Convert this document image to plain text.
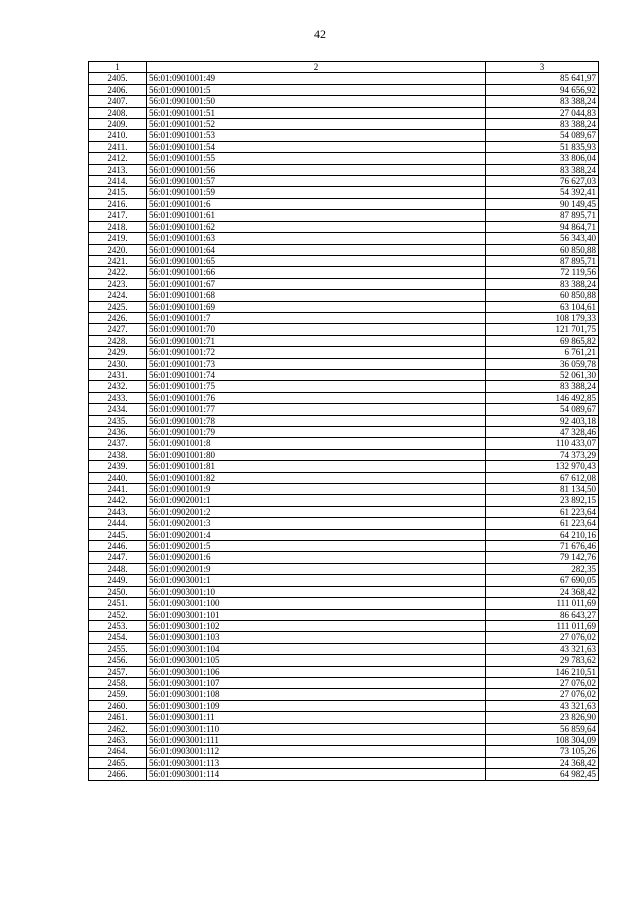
42
1	2	3
2405.	56:01:0901001:49	85 641,97
2406.	56:01:0901001:5	94 656,92
2407.	56:01:0901001:50	83 388,24
2408.	56:01:0901001:51	27 044,83
2409.	56:01:0901001:52	83 388,24
2410.	56:01:0901001:53	54 089,67
2411.	56:01:0901001:54	51 835,93
2412.	56:01:0901001:55	33 806,04
2413.	56:01:0901001:56	83 388,24
2414.	56:01:0901001:57	76 627,03
2415.	56:01:0901001:59	54 392,41
2416.	56:01:0901001:6	90 149,45
2417.	56:01:0901001:61	87 895,71
2418.	56:01:0901001:62	94 864,71
2419.	56:01:0901001:63	56 343,40
2420.	56:01:0901001:64	60 850,88
2421.	56:01:0901001:65	87 895,71
2422.	56:01:0901001:66	72 119,56
2423.	56:01:0901001:67	83 388,24
2424.	56:01:0901001:68	60 850,88
2425.	56:01:0901001:69	63 104,61
2426.	56:01:0901001:7	108 179,33
2427.	56:01:0901001:70	121 701,75
2428.	56:01:0901001:71	69 865,82
2429.	56:01:0901001:72	6 761,21
2430.	56:01:0901001:73	36 059,78
2431.	56:01:0901001:74	52 061,30
2432.	56:01:0901001:75	83 388,24
2433.	56:01:0901001:76	146 492,85
2434.	56:01:0901001:77	54 089,67
2435.	56:01:0901001:78	92 403,18
2436.	56:01:0901001:79	47 328,46
2437.	56:01:0901001:8	110 433,07
2438.	56:01:0901001:80	74 373,29
2439.	56:01:0901001:81	132 970,43
2440.	56:01:0901001:82	67 612,08
2441.	56:01:0901001:9	81 134,50
2442.	56:01:0902001:1	23 892,15
2443.	56:01:0902001:2	61 223,64
2444.	56:01:0902001:3	61 223,64
2445.	56:01:0902001:4	64 210,16
2446.	56:01:0902001:5	71 676,46
2447.	56:01:0902001:6	79 142,76
2448.	56:01:0902001:9	282,35
2449.	56:01:0903001:1	67 690,05
2450.	56:01:0903001:10	24 368,42
2451.	56:01:0903001:100	111 011,69
2452.	56:01:0903001:101	86 643,27
2453.	56:01:0903001:102	111 011,69
2454.	56:01:0903001:103	27 076,02
2455.	56:01:0903001:104	43 321,63
2456.	56:01:0903001:105	29 783,62
2457.	56:01:0903001:106	146 210,51
2458.	56:01:0903001:107	27 076,02
2459.	56:01:0903001:108	27 076,02
2460.	56:01:0903001:109	43 321,63
2461.	56:01:0903001:11	23 826,90
2462.	56:01:0903001:110	56 859,64
2463.	56:01:0903001:111	108 304,09
2464.	56:01:0903001:112	73 105,26
2465.	56:01:0903001:113	24 368,42
2466.	56:01:0903001:114	64 982,45
